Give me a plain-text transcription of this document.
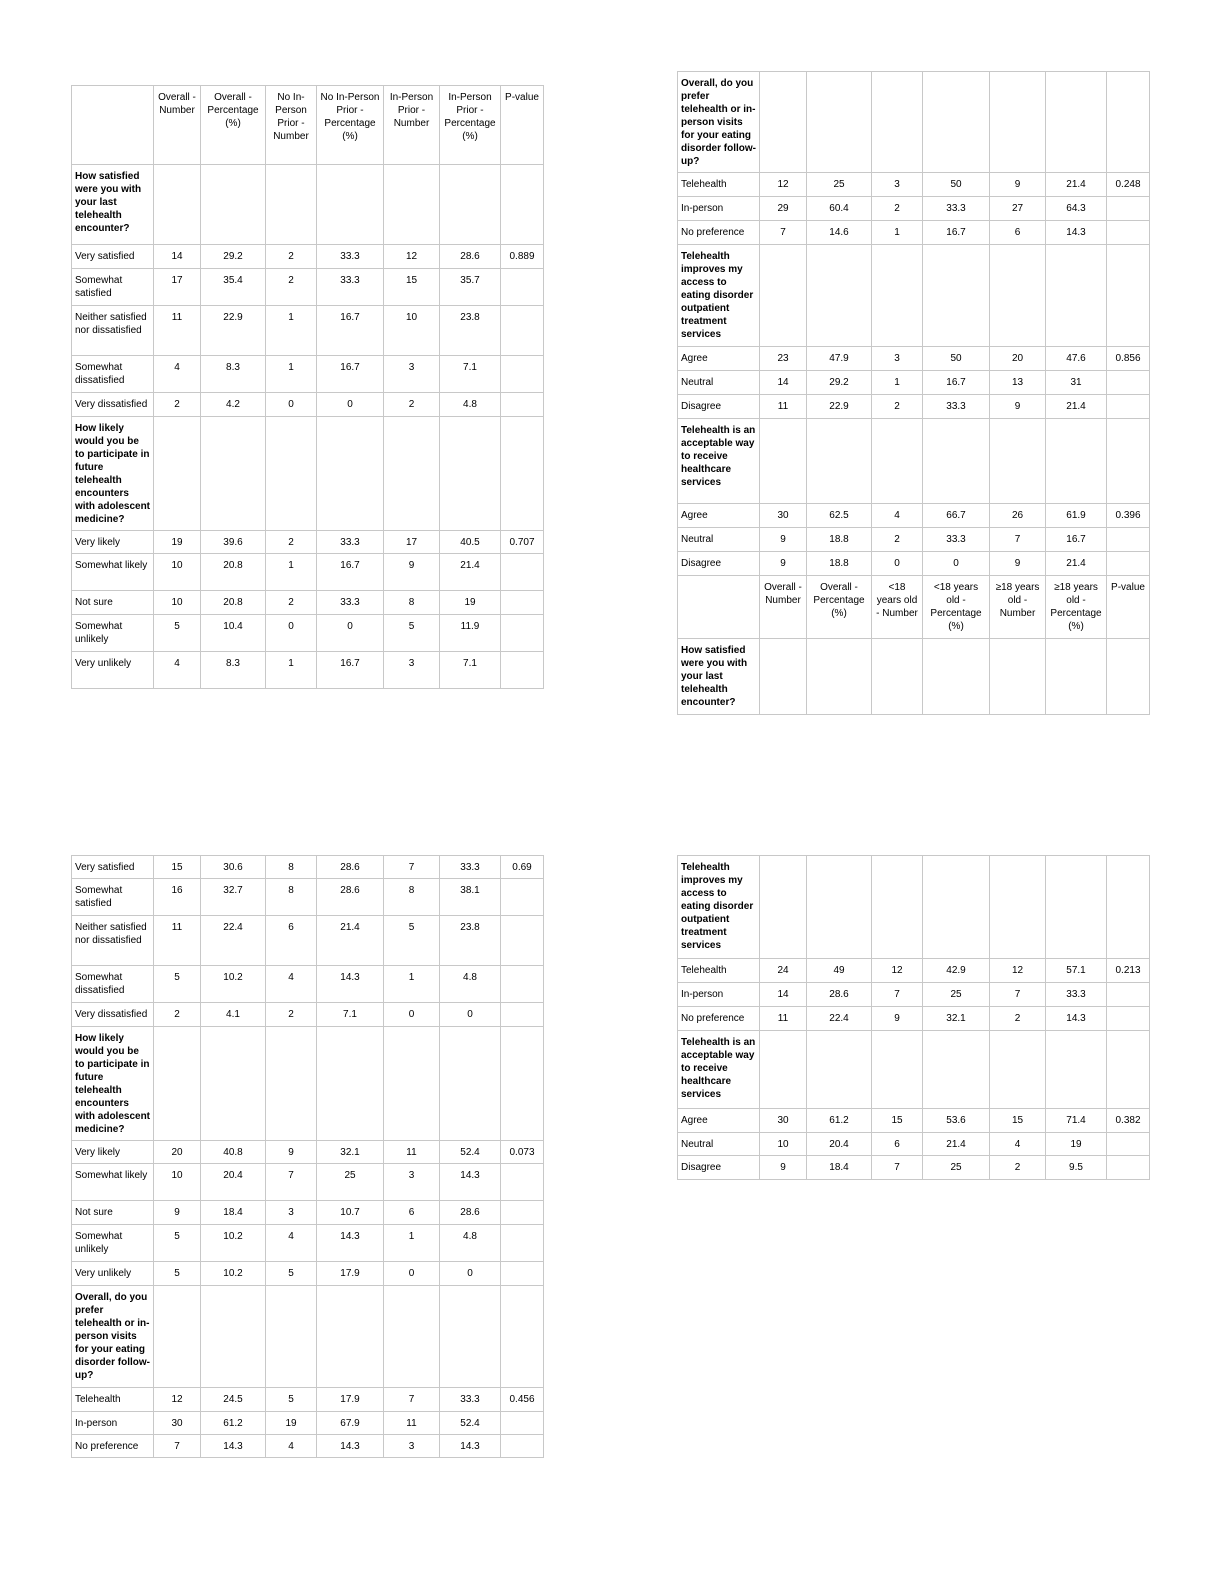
	Overall - Number	Overall - Percentage (%)	No In-Person Prior - Number	No In-Person Prior - Percentage (%)	In-Person Prior - Number	In-Person Prior - Percentage (%)	P-value
How satisfied were you with your last telehealth encounter?							
Very satisfied	14	29.2	2	33.3	12	28.6	0.889
Somewhat satisfied	17	35.4	2	33.3	15	35.7	
Neither satisfied nor dissatisfied	11	22.9	1	16.7	10	23.8	
Somewhat dissatisfied	4	8.3	1	16.7	3	7.1	
Very dissatisfied	2	4.2	0	0	2	4.8	
How likely would you be to participate in future telehealth encounters with adolescent medicine?							
Very likely	19	39.6	2	33.3	17	40.5	0.707
Somewhat likely	10	20.8	1	16.7	9	21.4	
Not sure	10	20.8	2	33.3	8	19	
Somewhat unlikely	5	10.4	0	0	5	11.9	
Very unlikely	4	8.3	1	16.7	3	7.1	
Overall, do you prefer telehealth or in-person visits for your eating disorder follow-up?							
Telehealth	12	25	3	50	9	21.4	0.248
In-person	29	60.4	2	33.3	27	64.3	
No preference	7	14.6	1	16.7	6	14.3	
Telehealth improves my access to eating disorder outpatient treatment services							
Agree	23	47.9	3	50	20	47.6	0.856
Neutral	14	29.2	1	16.7	13	31	
Disagree	11	22.9	2	33.3	9	21.4	
Telehealth is an acceptable way to receive healthcare services							
Agree	30	62.5	4	66.7	26	61.9	0.396
Neutral	9	18.8	2	33.3	7	16.7	
Disagree	9	18.8	0	0	9	21.4	
	Overall - Number	Overall - Percentage (%)	<18 years old - Number	<18 years old - Percentage (%)	≥18 years old - Number	≥18 years old - Percentage (%)	P-value
How satisfied were you with your last telehealth encounter?							
Very satisfied	15	30.6	8	28.6	7	33.3	0.69
Somewhat satisfied	16	32.7	8	28.6	8	38.1	
Neither satisfied nor dissatisfied	11	22.4	6	21.4	5	23.8	
Somewhat dissatisfied	5	10.2	4	14.3	1	4.8	
Very dissatisfied	2	4.1	2	7.1	0	0	
How likely would you be to participate in future telehealth encounters with adolescent medicine?							
Very likely	20	40.8	9	32.1	11	52.4	0.073
Somewhat likely	10	20.4	7	25	3	14.3	
Not sure	9	18.4	3	10.7	6	28.6	
Somewhat unlikely	5	10.2	4	14.3	1	4.8	
Very unlikely	5	10.2	5	17.9	0	0	
Overall, do you prefer telehealth or in-person visits for your eating disorder follow-up?							
Telehealth	12	24.5	5	17.9	7	33.3	0.456
In-person	30	61.2	19	67.9	11	52.4	
No preference	7	14.3	4	14.3	3	14.3	
Telehealth improves my access to eating disorder outpatient treatment services							
Telehealth	24	49	12	42.9	12	57.1	0.213
In-person	14	28.6	7	25	7	33.3	
No preference	11	22.4	9	32.1	2	14.3	
Telehealth is an acceptable way to receive healthcare services							
Agree	30	61.2	15	53.6	15	71.4	0.382
Neutral	10	20.4	6	21.4	4	19	
Disagree	9	18.4	7	25	2	9.5	
